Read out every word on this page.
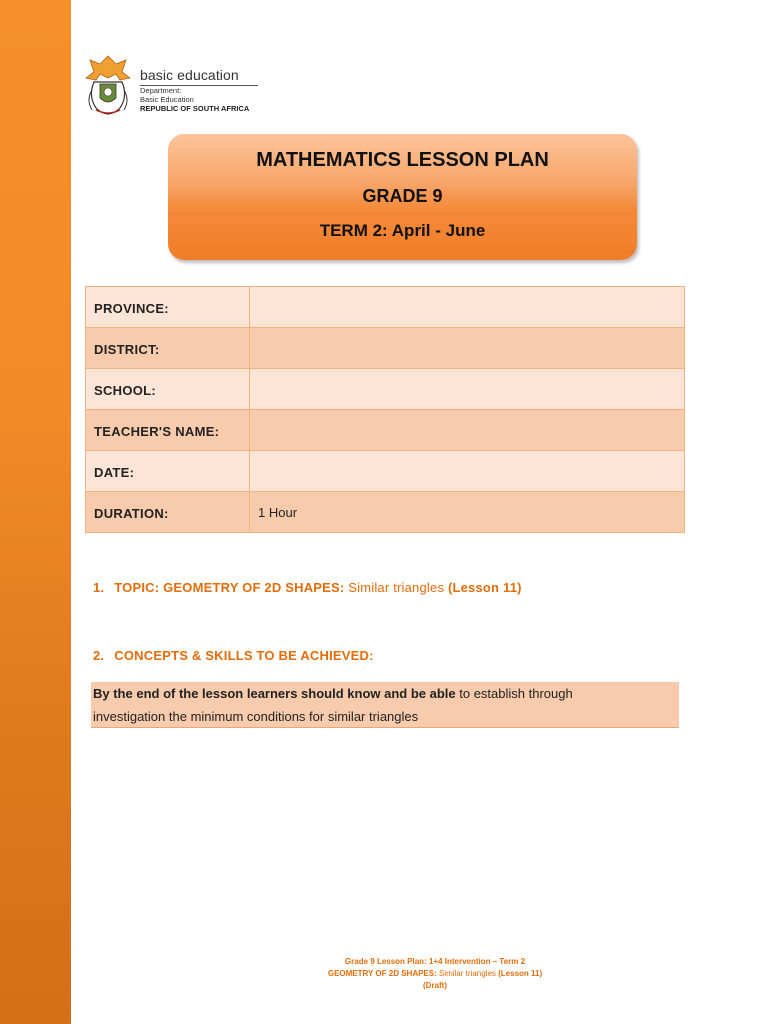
basic education
Department:
Basic Education
REPUBLIC OF SOUTH AFRICA
MATHEMATICS LESSON PLAN
GRADE 9
TERM 2: April - June
PROVINCE:	
DISTRICT:	
SCHOOL:	
TEACHER'S NAME:	
DATE:	
DURATION:	1 Hour
1. TOPIC: GEOMETRY OF 2D SHAPES: Similar triangles (Lesson 11)
2. CONCEPTS & SKILLS TO BE ACHIEVED:
By the end of the lesson learners should know and be able to establish through
investigation the minimum conditions for similar triangles
Grade 9 Lesson Plan: 1+4 Intervention – Term 2
GEOMETRY OF 2D SHAPES: Similar triangles (Lesson 11)
(Draft)
